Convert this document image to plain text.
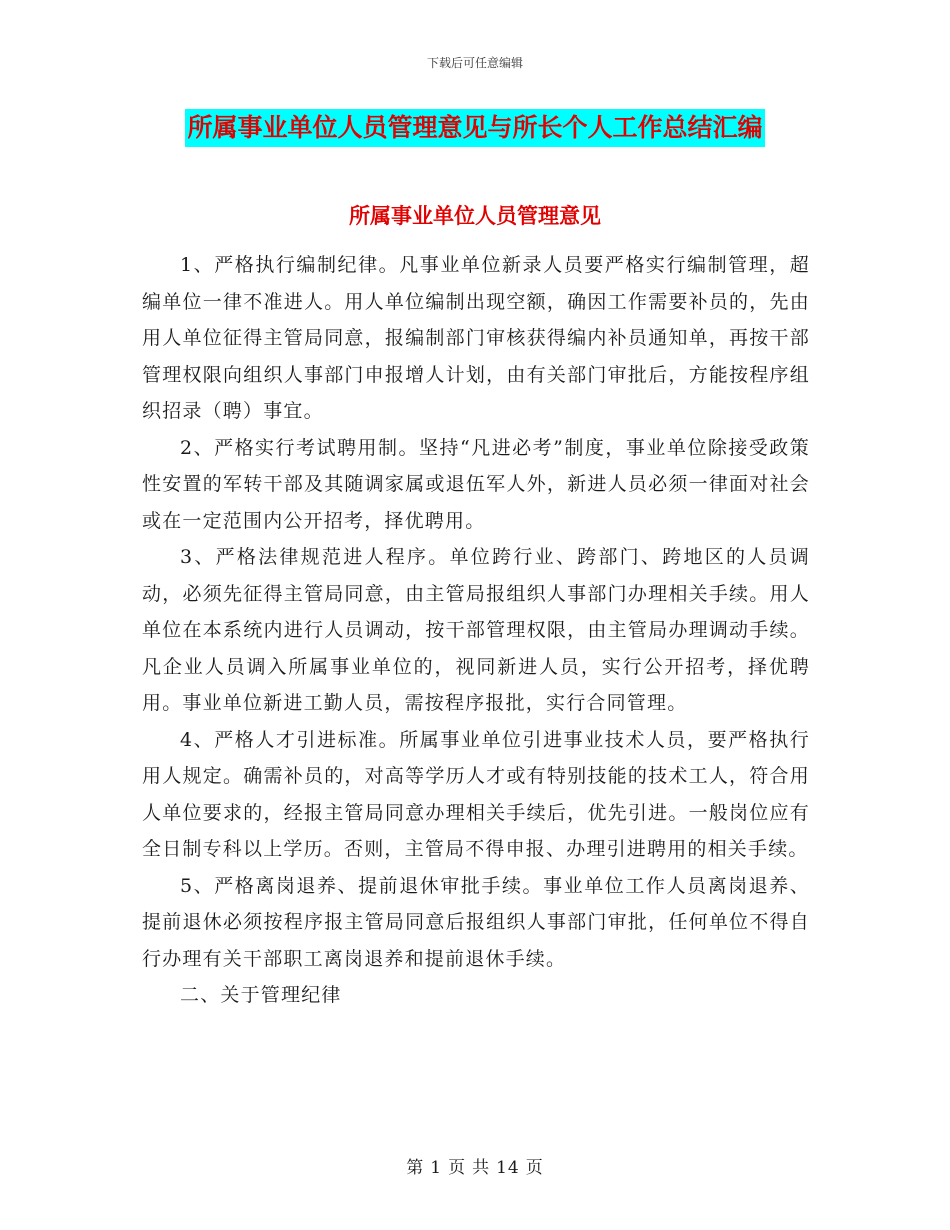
下载后可任意编辑
所属事业单位人员管理意见与所长个人工作总结汇编
所属事业单位人员管理意见

1、严格执行编制纪律。凡事业单位新录人员要严格实行编制管理，超编单位一律不准进人。用人单位编制出现空额，确因工作需要补员的，先由用人单位征得主管局同意，报编制部门审核获得编内补员通知单，再按干部管理权限向组织人事部门申报增人计划，由有关部门审批后，方能按程序组织招录（聘）事宜。

2、严格实行考试聘用制。坚持“凡进必考”制度，事业单位除接受政策性安置的军转干部及其随调家属或退伍军人外，新进人员必须一律面对社会或在一定范围内公开招考，择优聘用。

3、严格法律规范进人程序。单位跨行业、跨部门、跨地区的人员调动，必须先征得主管局同意，由主管局报组织人事部门办理相关手续。用人单位在本系统内进行人员调动，按干部管理权限，由主管局办理调动手续。凡企业人员调入所属事业单位的，视同新进人员，实行公开招考，择优聘用。事业单位新进工勤人员，需按程序报批，实行合同管理。

4、严格人才引进标准。所属事业单位引进事业技术人员，要严格执行用人规定。确需补员的，对高等学历人才或有特别技能的技术工人，符合用人单位要求的，经报主管局同意办理相关手续后，优先引进。一般岗位应有全日制专科以上学历。否则，主管局不得申报、办理引进聘用的相关手续。

5、严格离岗退养、提前退休审批手续。事业单位工作人员离岗退养、提前退休必须按程序报主管局同意后报组织人事部门审批，任何单位不得自行办理有关干部职工离岗退养和提前退休手续。

二、关于管理纪律

第 1 页 共 14 页
